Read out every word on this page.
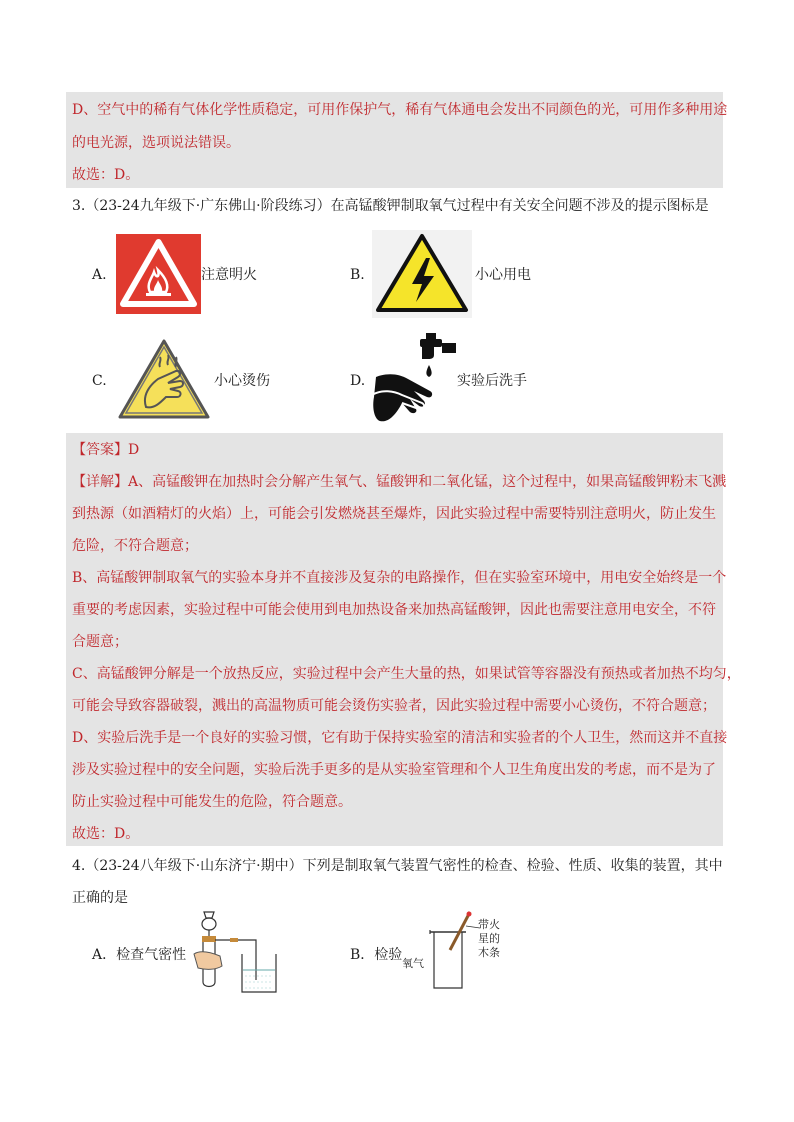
D、空气中的稀有气体化学性质稳定，可用作保护气，稀有气体通电会发出不同颜色的光，可用作多种用途
的电光源，选项说法错误。
故选：D。
3.（23-24九年级下·广东佛山·阶段练习）在高锰酸钾制取氧气过程中有关安全问题不涉及的提示图标是
A.	注意明火	B.	小心用电
C.	小心烫伤	D.	实验后洗手
【答案】D
【详解】A、高锰酸钾在加热时会分解产生氧气、锰酸钾和二氧化锰，这个过程中，如果高锰酸钾粉末飞溅
到热源（如酒精灯的火焰）上，可能会引发燃烧甚至爆炸，因此实验过程中需要特别注意明火，防止发生
危险，不符合题意；
B、高锰酸钾制取氧气的实验本身并不直接涉及复杂的电路操作，但在实验室环境中，用电安全始终是一个
重要的考虑因素，实验过程中可能会使用到电加热设备来加热高锰酸钾，因此也需要注意用电安全，不符
合题意；
C、高锰酸钾分解是一个放热反应，实验过程中会产生大量的热，如果试管等容器没有预热或者加热不均匀，
可能会导致容器破裂，溅出的高温物质可能会烫伤实验者，因此实验过程中需要小心烫伤，不符合题意；
D、实验后洗手是一个良好的实验习惯，它有助于保持实验室的清洁和实验者的个人卫生，然而这并不直接
涉及实验过程中的安全问题，实验后洗手更多的是从实验室管理和个人卫生角度出发的考虑，而不是为了
防止实验过程中可能发生的危险，符合题意。
故选：D。
4.（23-24八年级下·山东济宁·期中）下列是制取氧气装置气密性的检查、检验、性质、收集的装置，其中
正确的是
A．检查气密性	B．检验
氧气
带火
星的
木条
